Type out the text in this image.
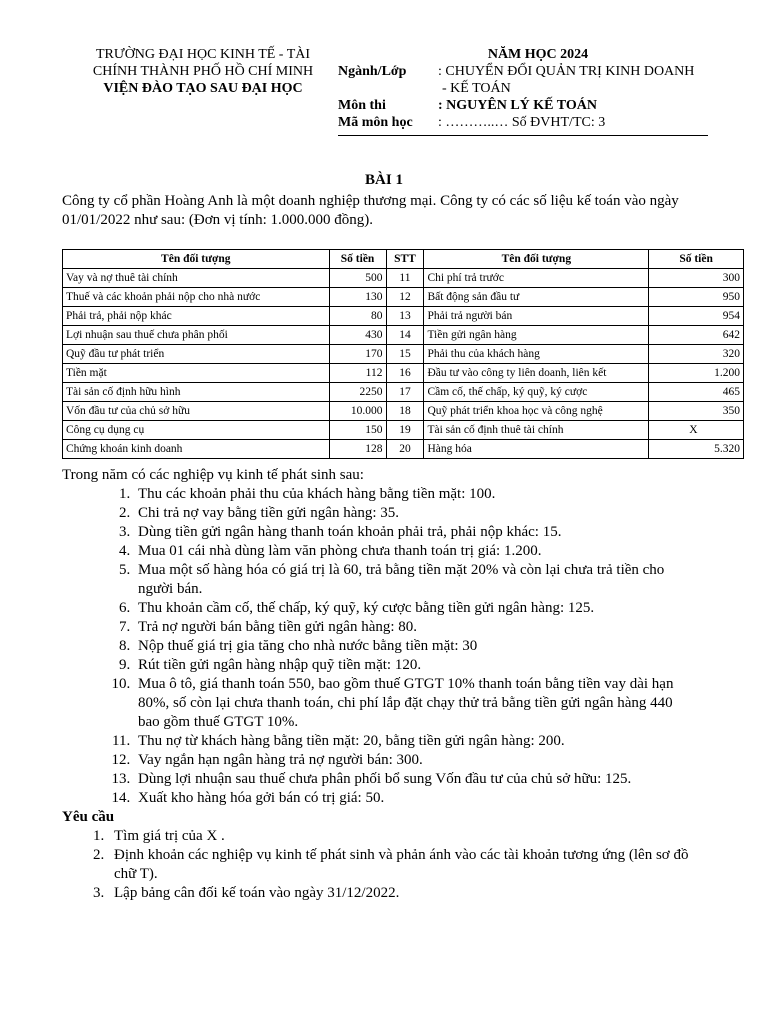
TRƯỜNG ĐẠI HỌC KINH TẾ - TÀI
CHÍNH THÀNH PHỐ HỒ CHÍ MINH
VIỆN ĐÀO TẠO SAU ĐẠI HỌC
NĂM HỌC 2024
Ngành/Lớp	: CHUYỂN ĐỔI QUẢN TRỊ KINH DOANH
- KẾ TOÁN
Môn thi	: NGUYÊN LÝ KẾ TOÁN
Mã môn học	: ………..… Số ĐVHT/TC: 3
BÀI 1
Công ty cổ phần Hoàng Anh là một doanh nghiệp thương mại. Công ty có các số liệu kế toán vào ngày 01/01/2022 như sau: (Đơn vị tính: 1.000.000 đồng).
Tên đối tượng	Số tiền	STT	Tên đối tượng	Số tiền
Vay và nợ thuê tài chính	500	11	Chi phí trả trước	300
Thuế và các khoản phải nộp cho nhà nước	130	12	Bất động sản đầu tư	950
Phải trả, phải nộp khác	80	13	Phải trả người bán	954
Lợi nhuận sau thuế chưa phân phối	430	14	Tiền gửi ngân hàng	642
Quỹ đầu tư phát triển	170	15	Phải thu của khách hàng	320
Tiền mặt	112	16	Đầu tư vào công ty liên doanh, liên kết	1.200
Tài sản cố định hữu hình	2250	17	Cầm cố, thế chấp, ký quỹ, ký cược	465
Vốn đầu tư của chủ sở hữu	10.000	18	Quỹ phát triển khoa học và công nghệ	350
Công cụ dụng cụ	150	19	Tài sản cố định thuê tài chính	X
Chứng khoán kinh doanh	128	20	Hàng hóa	5.320
Trong năm có các nghiệp vụ kinh tế phát sinh sau:
1. Thu các khoản phải thu của khách hàng bằng tiền mặt: 100.
2. Chi trả nợ vay bằng tiền gửi ngân hàng: 35.
3. Dùng tiền gửi ngân hàng thanh toán khoản phải trả, phải nộp khác: 15.
4. Mua 01 cái nhà dùng làm văn phòng chưa thanh toán trị giá: 1.200.
5. Mua một số hàng hóa có giá trị là 60, trả bằng tiền mặt 20% và còn lại chưa trả tiền cho người bán.
6. Thu khoản cầm cố, thế chấp, ký quỹ, ký cược bằng tiền gửi ngân hàng: 125.
7. Trả nợ người bán bằng tiền gửi ngân hàng: 80.
8. Nộp thuế giá trị gia tăng cho nhà nước bằng tiền mặt: 30
9. Rút tiền gửi ngân hàng nhập quỹ tiền mặt: 120.
10. Mua ô tô, giá thanh toán 550, bao gồm thuế GTGT 10% thanh toán bằng tiền vay dài hạn 80%, số còn lại chưa thanh toán, chi phí lắp đặt chạy thử trả bằng tiền gửi ngân hàng 440 bao gồm thuế GTGT 10%.
11. Thu nợ từ khách hàng bằng tiền mặt: 20, bằng tiền gửi ngân hàng: 200.
12. Vay ngắn hạn ngân hàng trả nợ người bán: 300.
13. Dùng lợi nhuận sau thuế chưa phân phối bổ sung Vốn đầu tư của chủ sở hữu: 125.
14. Xuất kho hàng hóa gởi bán có trị giá: 50.
Yêu cầu
1. Tìm giá trị của X .
2. Định khoản các nghiệp vụ kinh tế phát sinh và phản ánh vào các tài khoản tương ứng (lên sơ đồ chữ T).
3. Lập bảng cân đối kế toán vào ngày 31/12/2022.
